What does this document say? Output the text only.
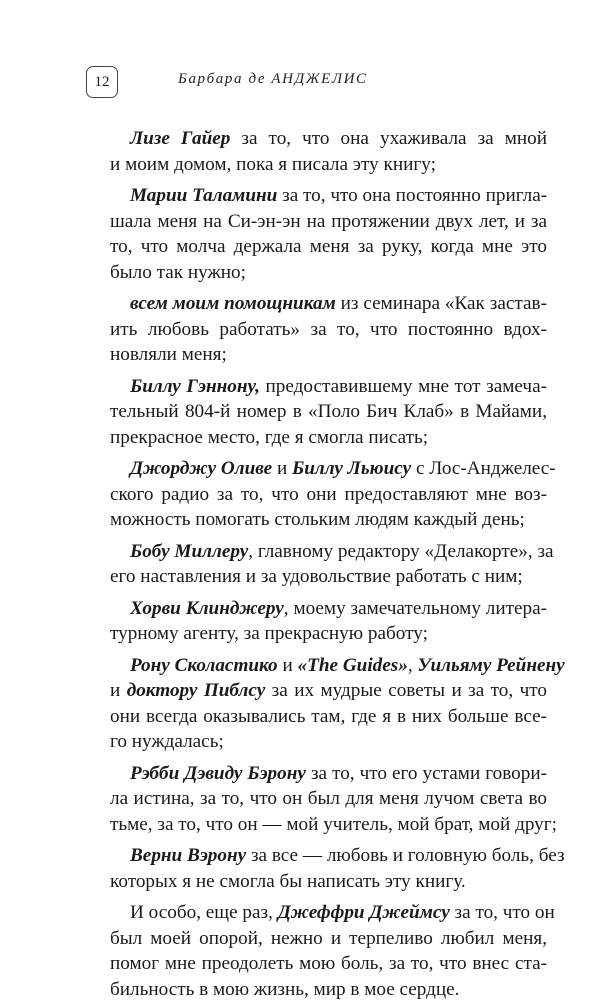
12	Барбара де АНДЖЕЛИС
Лизе Гайер за то, что она ухаживала за мной
и моим домом, пока я писала эту книгу;
Марии Таламини за то, что она постоянно пригла-
шала меня на Си-эн-эн на протяжении двух лет, и за
то, что молча держала меня за руку, когда мне это
было так нужно;
всем моим помощникам из семинара «Как застав-
ить любовь работать» за то, что постоянно вдох-
новляли меня;
Биллу Гэннону, предоставившему мне тот замеча-
тельный 804-й номер в «Поло Бич Клаб» в Майами,
прекрасное место, где я смогла писать;
Джорджу Оливе и Биллу Льюису с Лос-Анджелес-
ского радио за то, что они предоставляют мне воз-
можность помогать стольким людям каждый день;
Бобу Миллеру, главному редактору «Делакорте», за
его наставления и за удовольствие работать с ним;
Хорви Клинджеру, моему замечательному литера-
турному агенту, за прекрасную работу;
Рону Сколастико и «The Guides», Уильяму Рейнену
и доктору Пиблсу за их мудрые советы и за то, что
они всегда оказывались там, где я в них больше все-
го нуждалась;
Рэбби Дэвиду Бэрону за то, что его устами говори-
ла истина, за то, что он был для меня лучом света во
тьме, за то, что он — мой учитель, мой брат, мой друг;
Верни Вэрону за все — любовь и головную боль, без
которых я не смогла бы написать эту книгу.
И особо, еще раз, Джеффри Джеймсу за то, что он
был моей опорой, нежно и терпеливо любил меня,
помог мне преодолеть мою боль, за то, что внес ста-
бильность в мою жизнь, мир в мое сердце.
